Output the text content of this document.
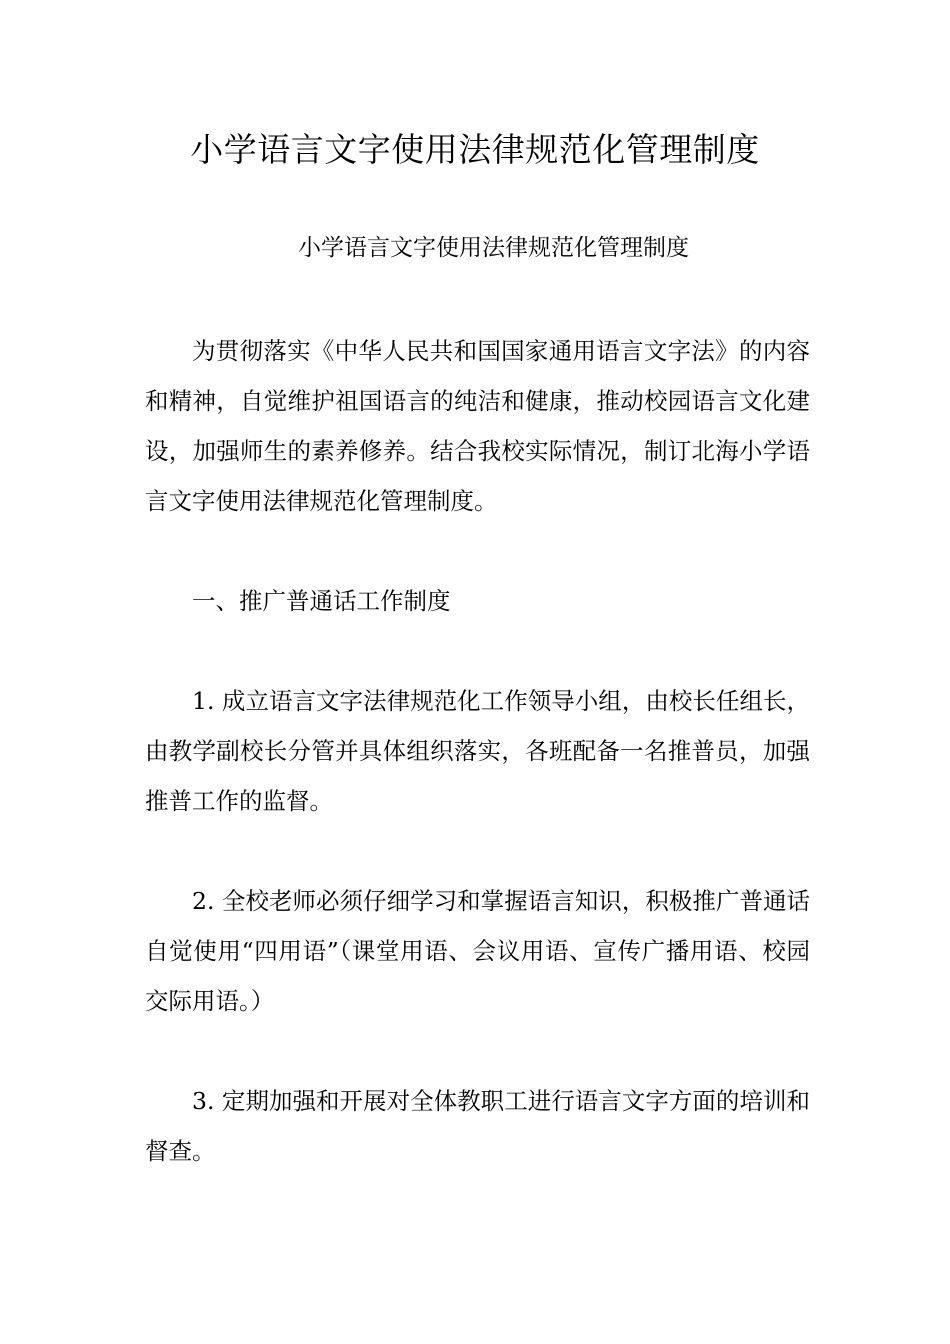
小学语言文字使用法律规范化管理制度

小学语言文字使用法律规范化管理制度

为贯彻落实《中华人民共和国国家通用语言文字法》的内容和精神，自觉维护祖国语言的纯洁和健康，推动校园语言文化建设，加强师生的素养修养。结合我校实际情况，制订北海小学语言文字使用法律规范化管理制度。

一、推广普通话工作制度

1. 成立语言文字法律规范化工作领导小组，由校长任组长，由教学副校长分管并具体组织落实，各班配备一名推普员，加强推普工作的监督。

2. 全校老师必须仔细学习和掌握语言知识，积极推广普通话自觉使用“四用语”（课堂用语、会议用语、宣传广播用语、校园交际用语。）

3. 定期加强和开展对全体教职工进行语言文字方面的培训和督查。
